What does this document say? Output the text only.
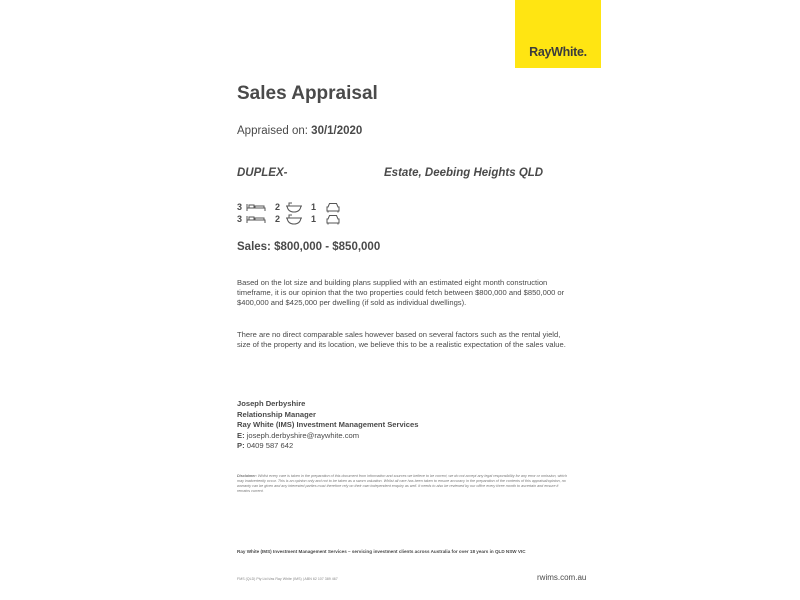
RayWhite.
Sales Appraisal
Appraised on: 30/1/2020
DUPLEX-	Estate, Deebing Heights QLD
3	2	1
3	2	1
Sales: $800,000 - $850,000

Based on the lot size and building plans supplied with an estimated eight month construction timeframe, it is our opinion that the two properties could fetch between $800,000 and $850,000 or $400,000 and $425,000 per dwelling (if sold as individual dwellings).

There are no direct comparable sales however based on several factors such as the rental yield, size of the property and its location, we believe this to be a realistic expectation of the sales value.

Joseph Derbyshire
Relationship Manager
Ray White (IMS) Investment Management Services
E: joseph.derbyshire@raywhite.com
P: 0409 587 642
Disclaimer: Whilst every care is taken in the preparation of this document from information and sources we believe to be correct, we do not accept any legal responsibility for any error or omission, which may inadvertently occur. This is an opinion only and not to be taken as a sworn valuation. Whilst all care has been taken to ensure accuracy in the preparation of the contents of this appraisal/opinion, no warranty can be given and any interested parties must therefore rely on their own independent enquiry as well. It needs to also be reviewed by our office every three month to ascertain and ensure it remains current.
Ray White (IMS) Investment Management Services – servicing investment clients across Australia for over 18 years in QLD NSW VIC
FMS (QLD) Pty Ltd t/as Ray White (IMS) | ABN 62 107 389 467	rwims.com.au
